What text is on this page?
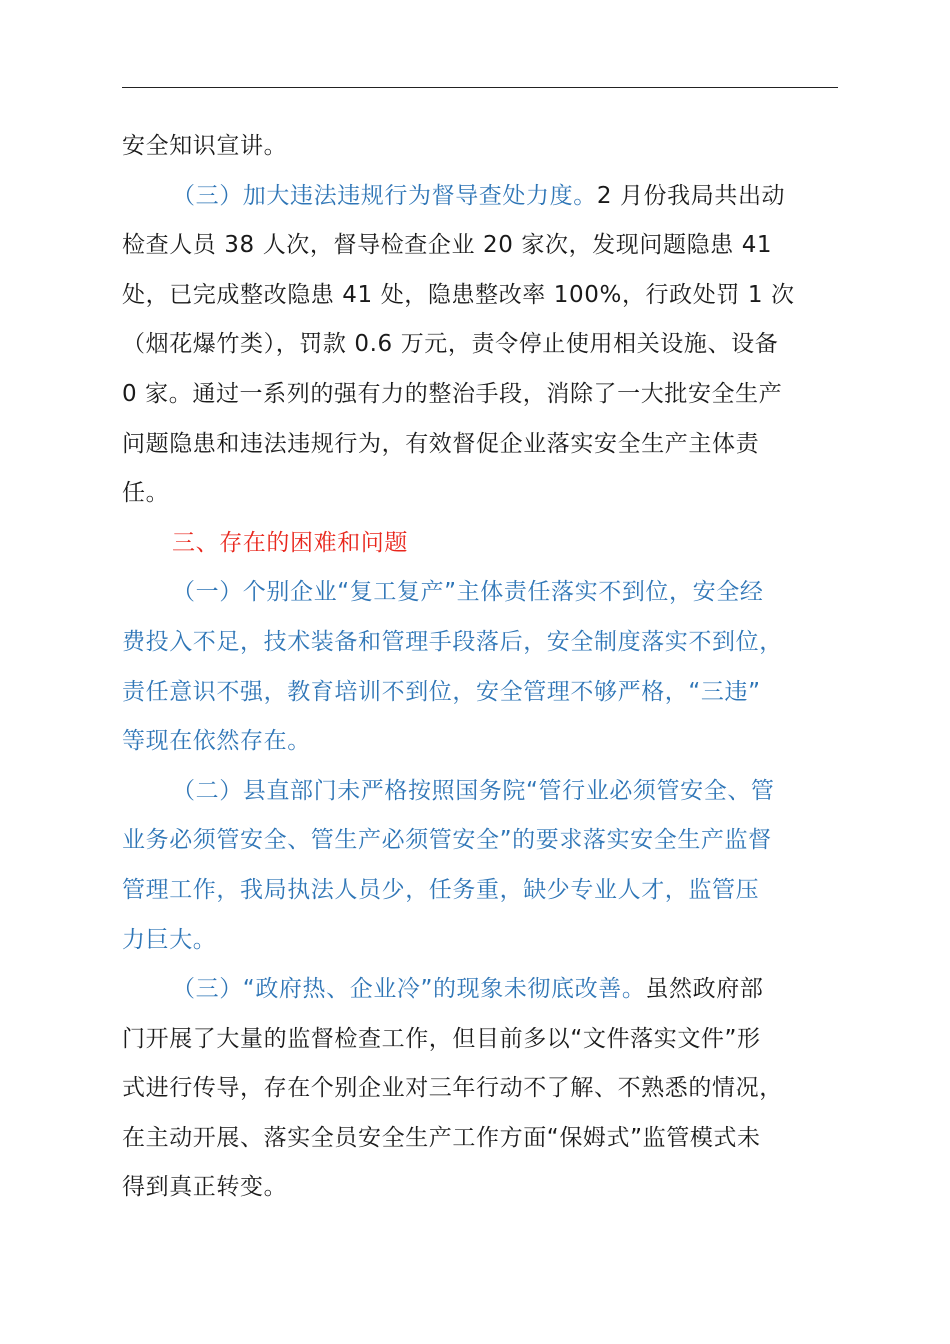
安全知识宣讲。
（三）加大违法违规行为督导查处力度。2 月份我局共出动
检查人员 38 人次，督导检查企业 20 家次，发现问题隐患 41
处，已完成整改隐患 41 处，隐患整改率 100%，行政处罚 1 次
（烟花爆竹类），罚款 0.6 万元，责令停止使用相关设施、设备
0 家。通过一系列的强有力的整治手段，消除了一大批安全生产
问题隐患和违法违规行为，有效督促企业落实安全生产主体责
任。
三、存在的困难和问题
（一）个别企业“复工复产”主体责任落实不到位，安全经
费投入不足，技术装备和管理手段落后，安全制度落实不到位，
责任意识不强，教育培训不到位，安全管理不够严格，“三违”
等现在依然存在。
（二）县直部门未严格按照国务院“管行业必须管安全、管
业务必须管安全、管生产必须管安全”的要求落实安全生产监督
管理工作，我局执法人员少，任务重，缺少专业人才，监管压
力巨大。
（三）“政府热、企业冷”的现象未彻底改善。虽然政府部
门开展了大量的监督检查工作，但目前多以“文件落实文件”形
式进行传导，存在个别企业对三年行动不了解、不熟悉的情况，
在主动开展、落实全员安全生产工作方面“保姆式”监管模式未
得到真正转变。
